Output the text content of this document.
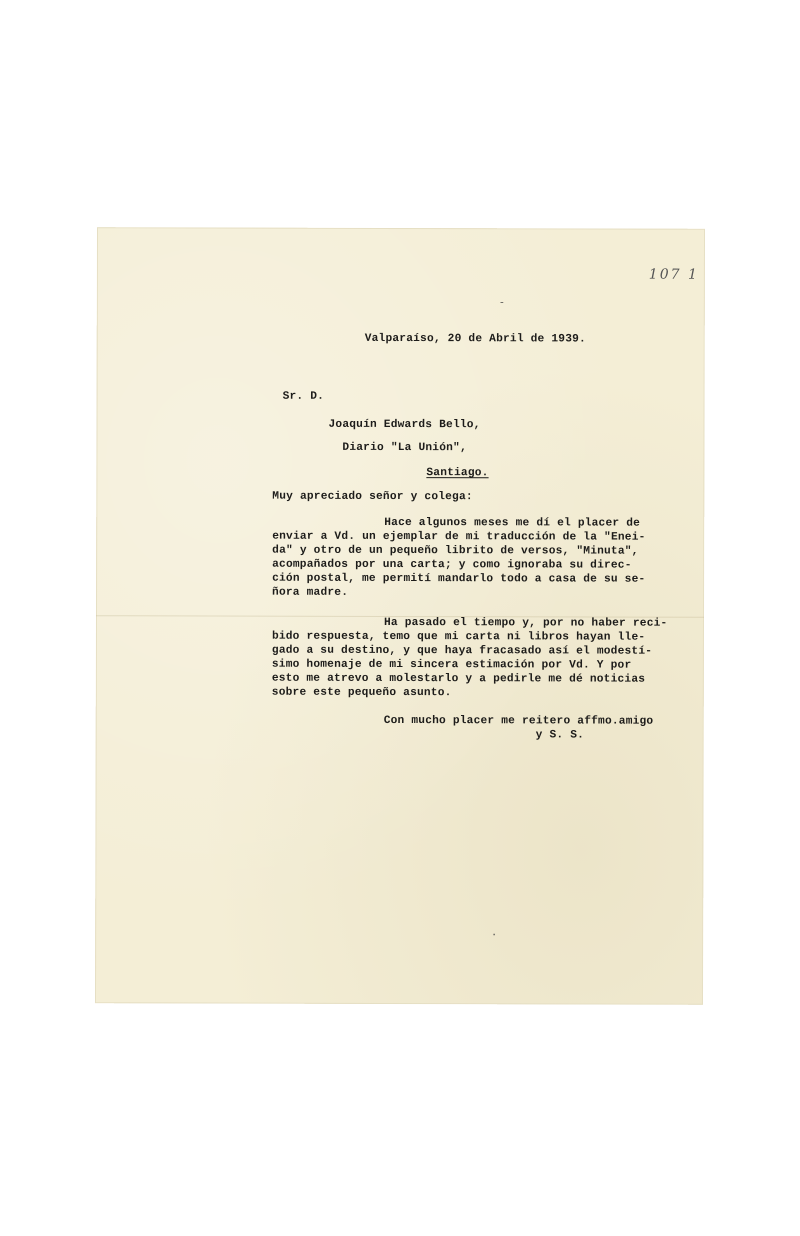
107 1
-
Valparaíso, 20 de Abril de 1939.
Sr. D.
Joaquín Edwards Bello,
Diario "La Unión",
Santiago.
Muy apreciado señor y colega:
Hace algunos meses me dí el placer de
enviar a Vd. un ejemplar de mi traducción de la "Enei-
da" y otro de un pequeño librito de versos, "Minuta",
acompañados por una carta; y como ignoraba su direc-
ción postal, me permití mandarlo todo a casa de su se-
ñora madre.
Ha pasado el tiempo y, por no haber reci-
bido respuesta, temo que mi carta ni libros hayan lle-
gado a su destino, y que haya fracasado así el modestí-
simo homenaje de mi sincera estimación por Vd. Y por
esto me atrevo a molestarlo y a pedirle me dé noticias
sobre este pequeño asunto.
Con mucho placer me reitero affmo.amigo
y S. S.
.
